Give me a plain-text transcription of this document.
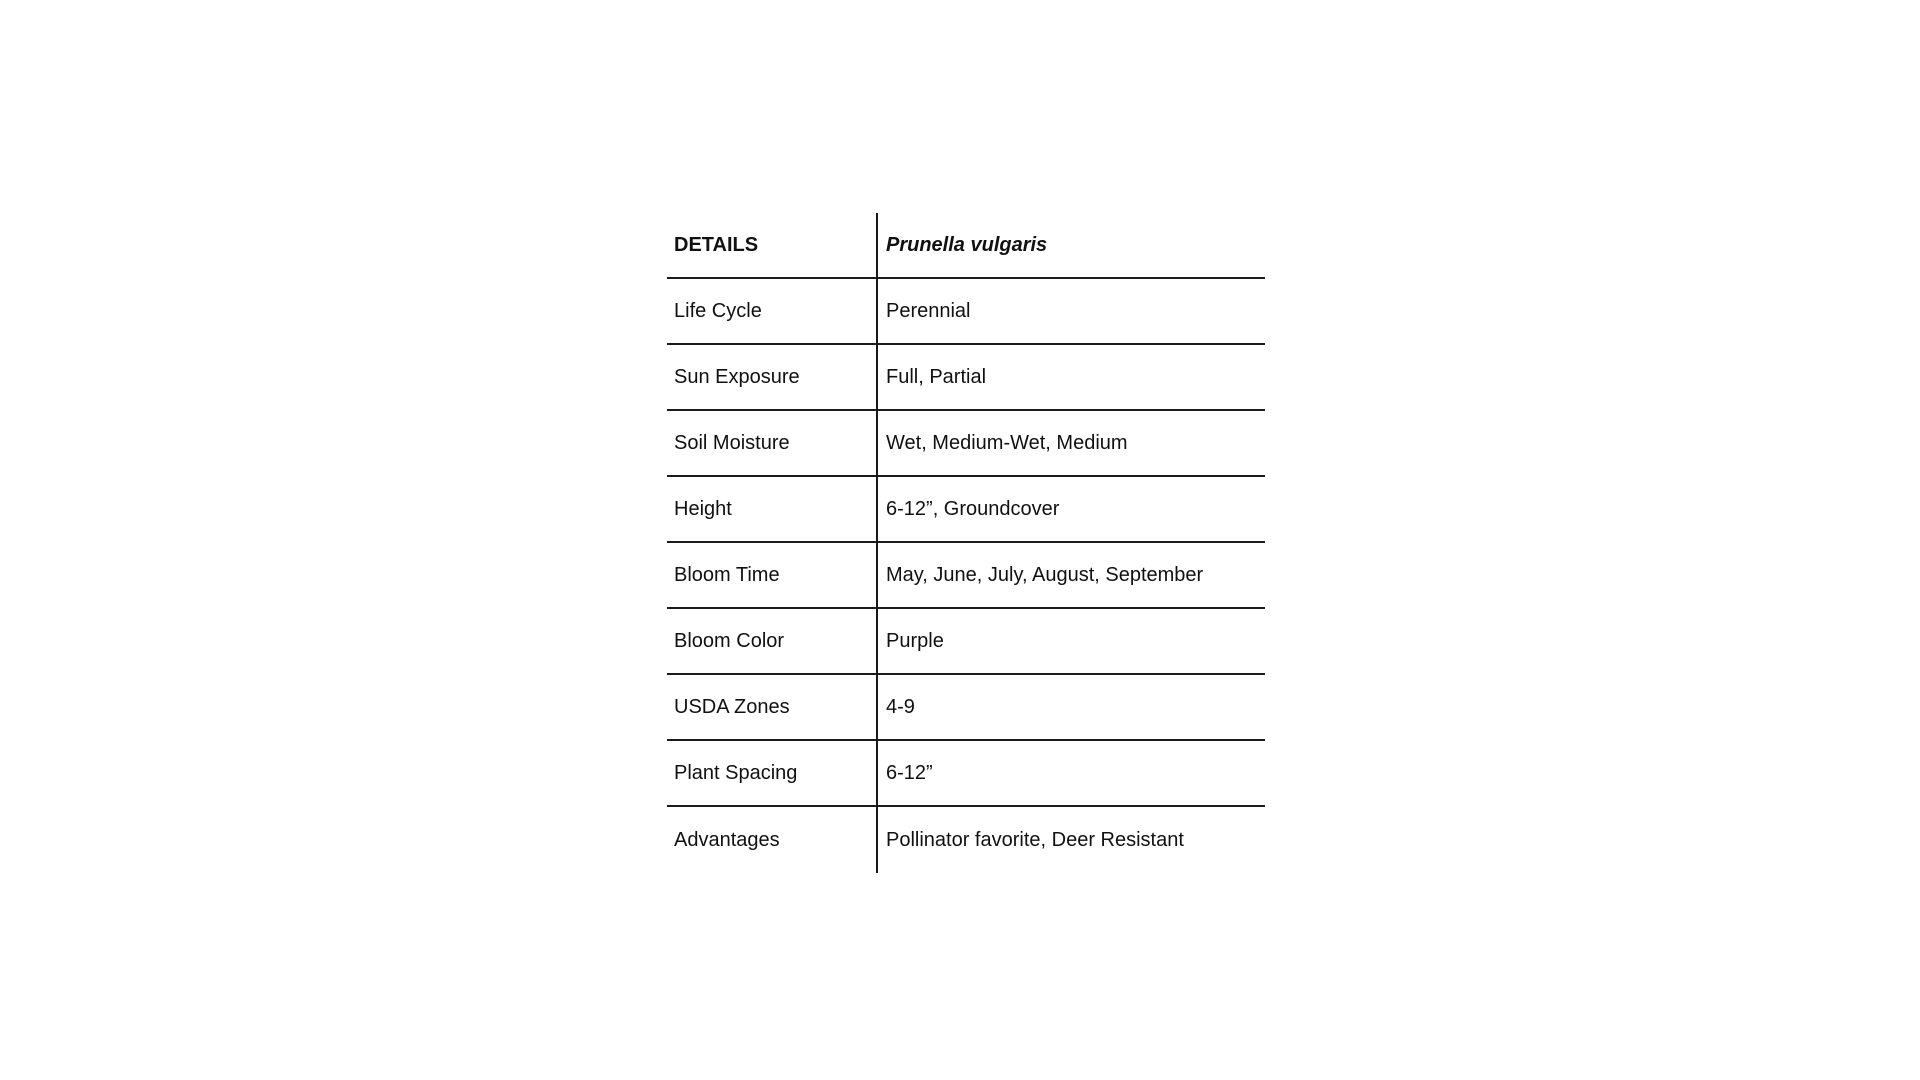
DETAILS	Prunella vulgaris
Life Cycle	Perennial
Sun Exposure	Full, Partial
Soil Moisture	Wet, Medium-Wet, Medium
Height	6-12”, Groundcover
Bloom Time	May, June, July, August, September
Bloom Color	Purple
USDA Zones	4-9
Plant Spacing	6-12”
Advantages	Pollinator favorite, Deer Resistant
